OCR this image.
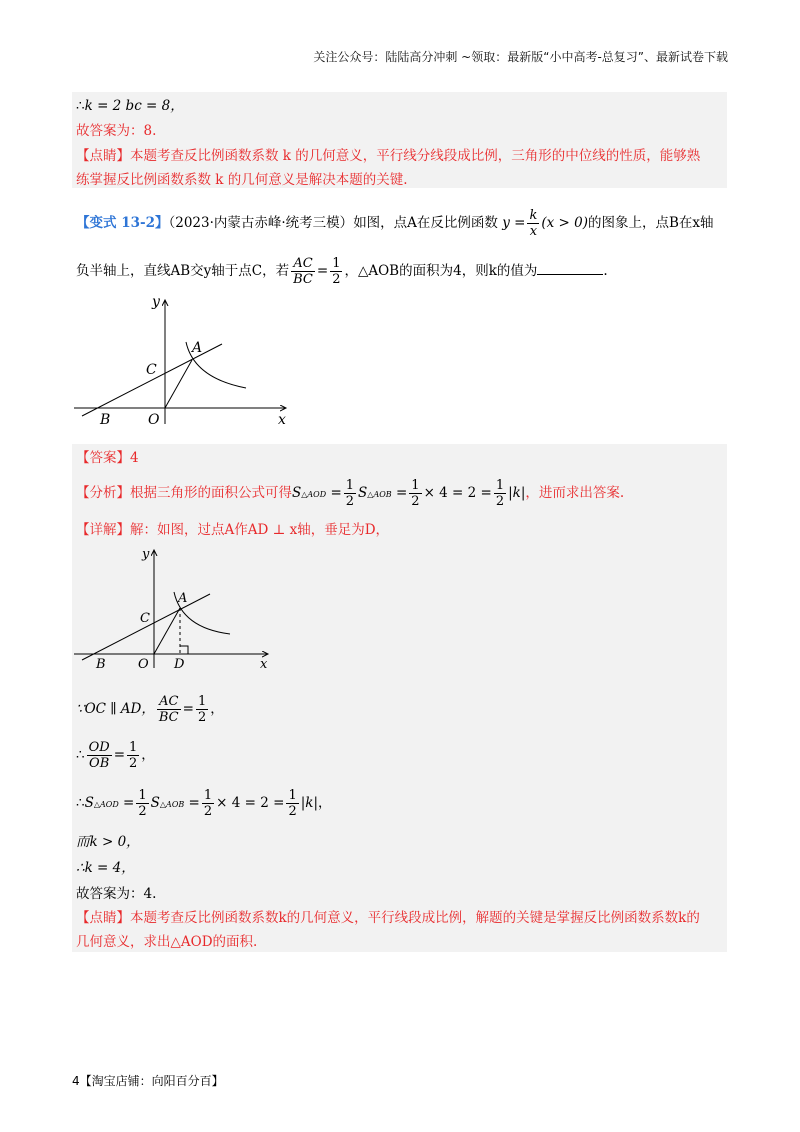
关注公众号：陆陆高分冲刺 ~领取：最新版“小中高考-总复习”、最新试卷下载
∴k = 2 bc = 8，
故答案为：8.
【点睛】本题考查反比例函数系数 k 的几何意义，平行线分线段成比例，三角形的中位线的性质，能够熟
练掌握反比例函数系数 k 的几何意义是解决本题的关键.
【变式 13-2】（2023·内蒙古赤峰·统考三模）如图，点A在反比例函数 $y = \frac{k}{x} (x > 0)$的图象上，点B在x轴
负半轴上，直线AB交y轴于点C，若 $\frac{AC}{BC} = \frac{1}{2}$ ，△AOB的面积为4，则k的值为	.
y
A
C
B	O	x
【答案】4
【分析】根据三角形的面积公式可得S△AOD = $\frac{1}{2}$ S△AOB = $\frac{1}{2} \times 4 = 2 = \frac{1}{2} |k|$，进而求出答案.
【详解】解：如图，过点A作AD ⊥ x轴，垂足为D，
y
A
C
B O D	x
∵OC ∥ AD， $\frac{AC}{BC} = \frac{1}{2}$ ，
∴ $\frac{OD}{OB} = \frac{1}{2}$ ，
∴S△AOD = $\frac{1}{2}$ S△AOB = $\frac{1}{2} \times 4 = 2 = \frac{1}{2} |k|$，
而k > 0，
∴k = 4，
故答案为：4.
【点睛】本题考查反比例函数系数k的几何意义，平行线段成比例，解题的关键是掌握反比例函数系数k的
几何意义，求出△AOD的面积.
4【淘宝店铺：向阳百分百】
